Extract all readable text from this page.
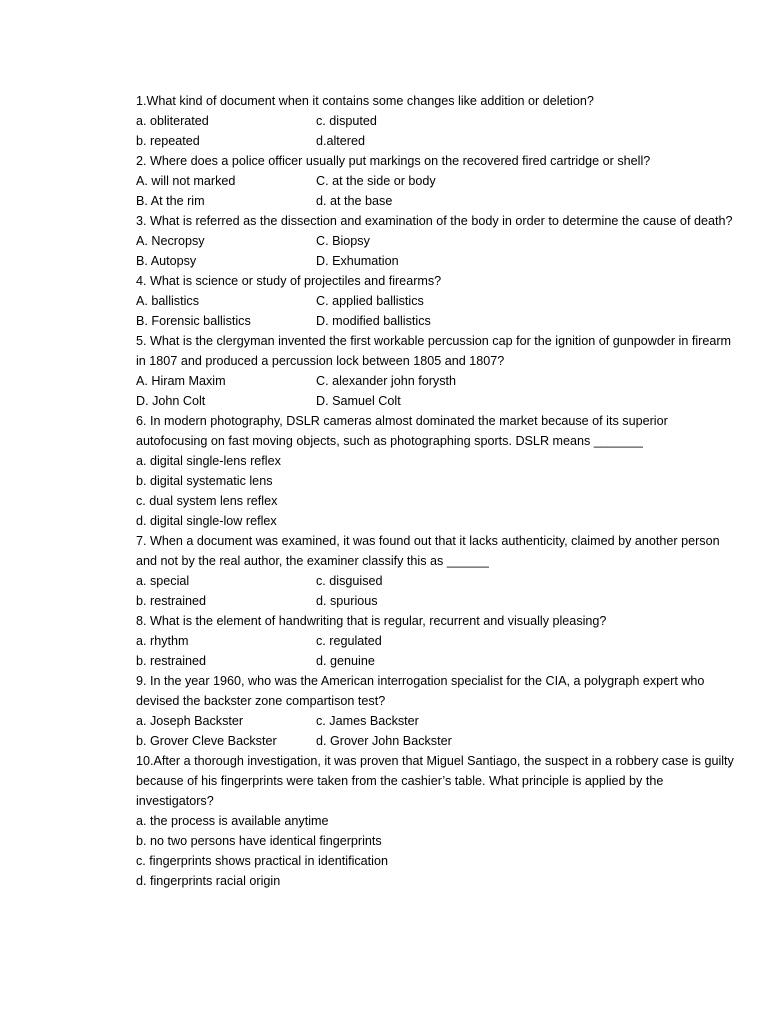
1.What kind of document when it contains some changes like addition or deletion?

a. obliterated	c. disputed
b. repeated	d.altered

2. Where does a police officer usually put markings on the recovered fired cartridge or shell?

A. will not marked	C. at the side or body
B. At the rim	d. at the base

3. What is referred as the dissection and examination of the body in order to determine the cause of death?

A. Necropsy	C. Biopsy
B. Autopsy	D. Exhumation

4. What is science or study of projectiles and firearms?

A. ballistics	C. applied ballistics
B. Forensic ballistics	D. modified ballistics

5. What is the clergyman invented the first workable percussion cap for the ignition of gunpowder in firearm in 1807 and produced a percussion lock between 1805 and 1807?

A. Hiram Maxim	C. alexander john forysth
D. John Colt	D. Samuel Colt

6. In modern photography, DSLR cameras almost dominated the market because of its superior autofocusing on fast moving objects, such as photographing sports. DSLR means _______

a. digital single-lens reflex
b. digital systematic lens
c. dual system lens reflex
d. digital single-low reflex

7. When a document was examined, it was found out that it lacks authenticity, claimed by another person and not by the real author, the examiner classify this as ______

a. special	c. disguised
b. restrained	d. spurious

8. What is the element of handwriting that is regular, recurrent and visually pleasing?

a. rhythm	c. regulated
b. restrained	d. genuine

9. In the year 1960, who was the American interrogation specialist for the CIA, a polygraph expert who devised the backster zone compartison test?

a. Joseph Backster	c. James Backster
b. Grover Cleve Backster	d. Grover John Backster

10.After a thorough investigation, it was proven that Miguel Santiago, the suspect in a robbery case is guilty because of his fingerprints were taken from the cashier’s table. What principle is applied by the investigators?

a. the process is available anytime
b. no two persons have identical fingerprints
c. fingerprints shows practical in identification
d. fingerprints racial origin
